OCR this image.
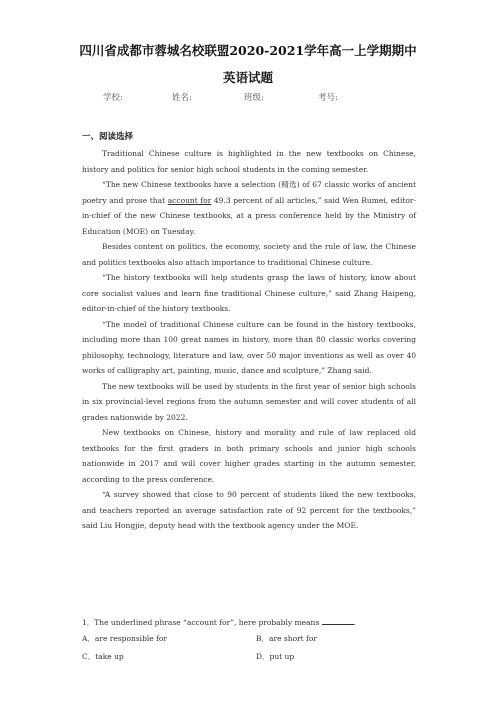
四川省成都市蓉城名校联盟2020-2021学年高一上学期期中
英语试题
学校:	姓名:	班级:	考号:
一、阅读选择

Traditional Chinese culture is highlighted in the new textbooks on Chinese, history and politics for senior high school students in the coming semester.

“The new Chinese textbooks have a selection (精选) of 67 classic works of ancient poetry and prose that account for 49.3 percent of all articles,” said Wen Rumei, editor-in-chief of the new Chinese textbooks, at a press conference held by the Ministry of Education (MOE) on Tuesday.

Besides content on politics, the economy, society and the rule of law, the Chinese and politics textbooks also attach importance to traditional Chinese culture.

“The history textbooks will help students grasp the laws of history, know about core socialist values and learn fine traditional Chinese culture,” said Zhang Haipeng, editor-in-chief of the history textbooks.

“The model of traditional Chinese culture can be found in the history textbooks, including more than 100 great names in history, more than 80 classic works covering philosophy, technology, literature and law, over 50 major inventions as well as over 40 works of calligraphy art, painting, music, dance and sculpture,” Zhang said.

The new textbooks will be used by students in the first year of senior high schools in six provincial-level regions from the autumn semester and will cover students of all grades nationwide by 2022.

New textbooks on Chinese, history and morality and rule of law replaced old textbooks for the first graders in both primary schools and junior high schools nationwide in 2017 and will cover higher grades starting in the autumn semester, according to the press conference.

“A survey showed that close to 90 percent of students liked the new textbooks, and teachers reported an average satisfaction rate of 92 percent for the textbooks,” said Liu Hongjie, deputy head with the textbook agency under the MOE.

1．The underlined phrase “account for”, here probably means	.
A．are responsible for	B．are short for
C．take up	D．put up
